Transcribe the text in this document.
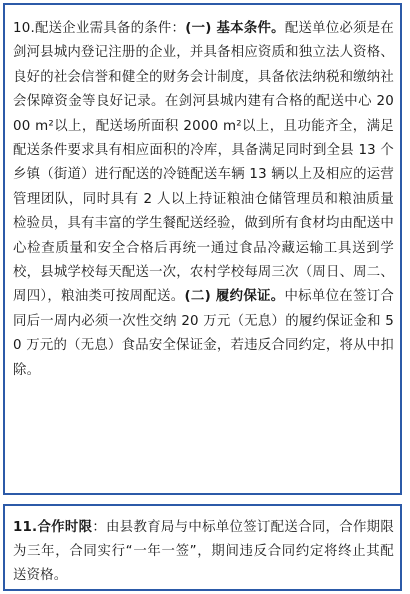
10.配送企业需具备的条件：(一) 基本条件。配送单位必须是在剑河县城内登记注册的企业，并具备相应资质和独立法人资格、良好的社会信誉和健全的财务会计制度，具备依法纳税和缴纳社会保障资金等良好记录。在剑河县城内建有合格的配送中心 2000 m²以上，配送场所面积 2000 m²以上，且功能齐全，满足配送条件要求具有相应面积的冷库，具备满足同时到全县 13 个乡镇（街道）进行配送的冷链配送车辆 13 辆以上及相应的运营管理团队，同时具有 2 人以上持证粮油仓储管理员和粮油质量检验员，具有丰富的学生餐配送经验，做到所有食材均由配送中心检查质量和安全合格后再统一通过食品冷藏运输工具送到学校，县城学校每天配送一次，农村学校每周三次（周日、周二、周四），粮油类可按周配送。(二) 履约保证。中标单位在签订合同后一周内必须一次性交纳 20 万元（无息）的履约保证金和 50 万元的（无息）食品安全保证金，若违反合同约定，将从中扣除。

11.合作时限：由县教育局与中标单位签订配送合同，合作期限为三年，合同实行“一年一签”，期间违反合同约定将终止其配送资格。
